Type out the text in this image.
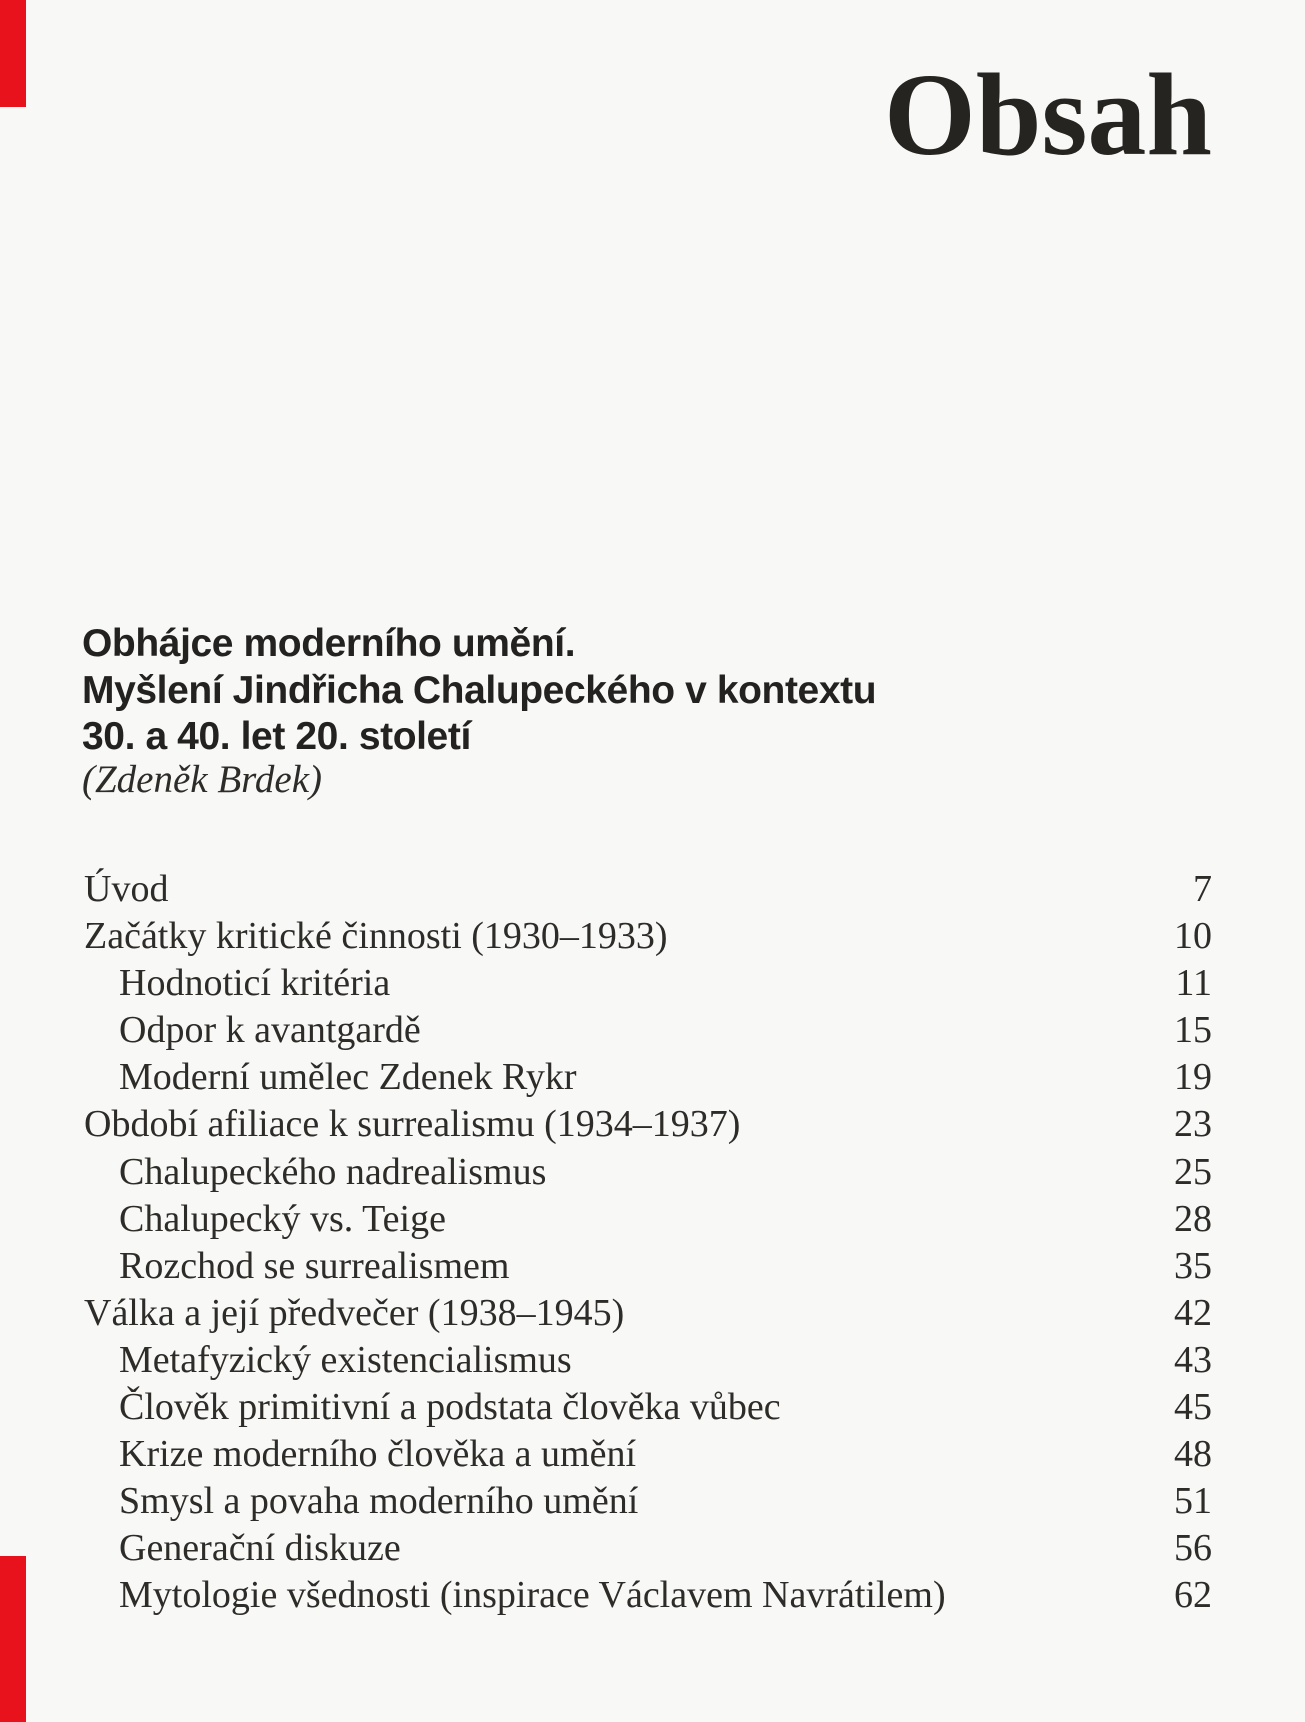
Obsah
Obhájce moderního umění.
Myšlení Jindřicha Chalupeckého v kontextu
30. a 40. let 20. století
(Zdeněk Brdek)
Úvod	7
Začátky kritické činnosti (1930–1933)	10
Hodnoticí kritéria	11
Odpor k avantgardě	15
Moderní umělec Zdenek Rykr	19
Období afiliace k surrealismu (1934–1937)	23
Chalupeckého nadrealismus	25
Chalupecký vs. Teige	28
Rozchod se surrealismem	35
Válka a její předvečer (1938–1945)	42
Metafyzický existencialismus	43
Člověk primitivní a podstata člověka vůbec	45
Krize moderního člověka a umění	48
Smysl a povaha moderního umění	51
Generační diskuze	56
Mytologie všednosti (inspirace Václavem Navrátilem)	62
